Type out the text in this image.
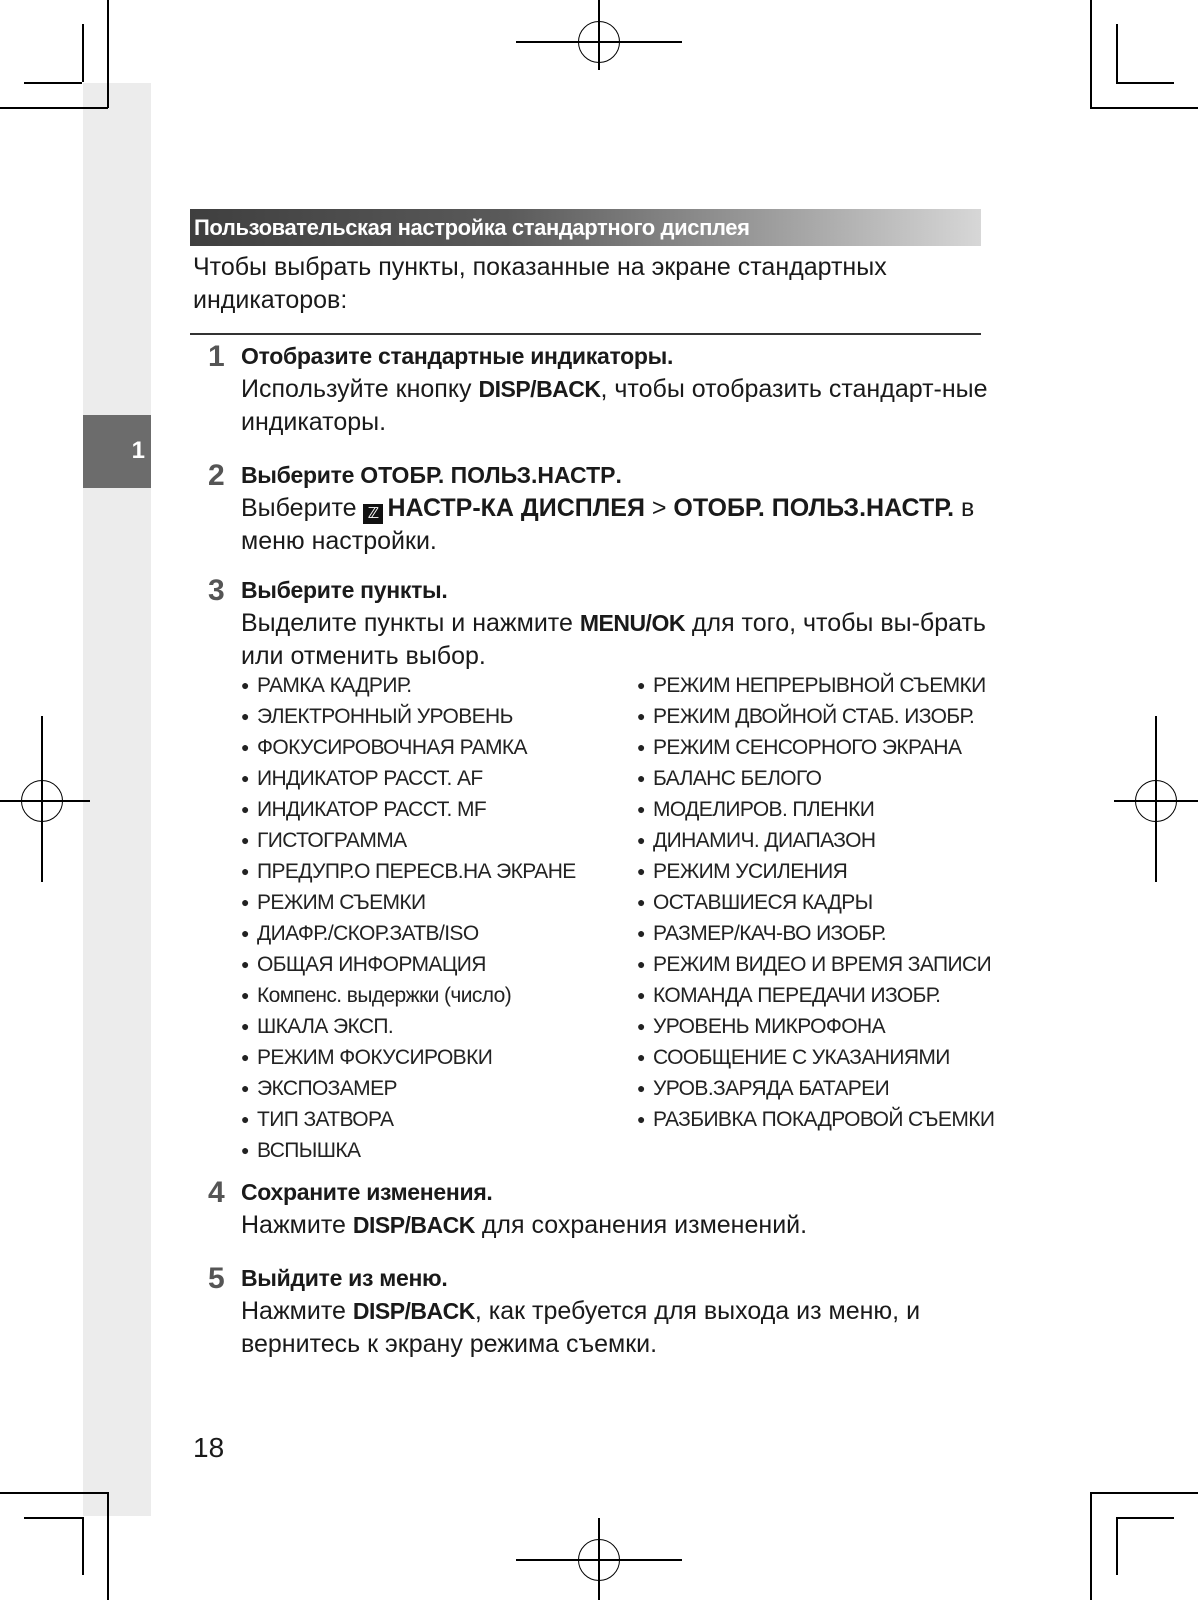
1
Пользовательская настройка стандартного дисплея
Чтобы выбрать пункты, показанные на экране стандартных индикаторов:
1 Отобразите стандартные индикаторы.
Используйте кнопку DISP/BACK, чтобы отобразить стандарт-ные индикаторы.
2 Выберите ОТОБР. ПОЛЬЗ.НАСТР.
Выберите ℤ НАСТР-КА ДИСПЛЕЯ > ОТОБР. ПОЛЬЗ.НАСТР. в меню настройки.
3 Выберите пункты.
Выделите пункты и нажмите MENU/OK для того, чтобы вы-брать или отменить выбор.
● РАМКА КАДРИР.
● ЭЛЕКТРОННЫЙ УРОВЕНЬ
● ФОКУСИРОВОЧНАЯ РАМКА
● ИНДИКАТОР РАССТ. AF
● ИНДИКАТОР РАССТ. MF
● ГИСТОГРАММА
● ПРЕДУПР.О ПЕРЕСВ.НА ЭКРАНЕ
● РЕЖИМ СЪЕМКИ
● ДИАФР./СКОР.ЗАТВ/ISO
● ОБЩАЯ ИНФОРМАЦИЯ
● Компенс. выдержки (число)
● ШКАЛА ЭКСП.
● РЕЖИМ ФОКУСИРОВКИ
● ЭКСПОЗАМЕР
● ТИП ЗАТВОРА
● ВСПЫШКА
● РЕЖИМ НЕПРЕРЫВНОЙ СЪЕМКИ
● РЕЖИМ ДВОЙНОЙ СТАБ. ИЗОБР.
● РЕЖИМ СЕНСОРНОГО ЭКРАНА
● БАЛАНС БЕЛОГО
● МОДЕЛИРОВ. ПЛЕНКИ
● ДИНАМИЧ. ДИАПАЗОН
● РЕЖИМ УСИЛЕНИЯ
● ОСТАВШИЕСЯ КАДРЫ
● РАЗМЕР/КАЧ-ВО ИЗОБР.
● РЕЖИМ ВИДЕО И ВРЕМЯ ЗАПИСИ
● КОМАНДА ПЕРЕДАЧИ ИЗОБР.
● УРОВЕНЬ МИКРОФОНА
● СООБЩЕНИЕ С УКАЗАНИЯМИ
● УРОВ.ЗАРЯДА БАТАРЕИ
● РАЗБИВКА ПОКАДРОВОЙ СЪЕМКИ
4 Сохраните изменения.
Нажмите DISP/BACK для сохранения изменений.
5 Выйдите из меню.
Нажмите DISP/BACK, как требуется для выхода из меню, и вернитесь к экрану режима съемки.
18
